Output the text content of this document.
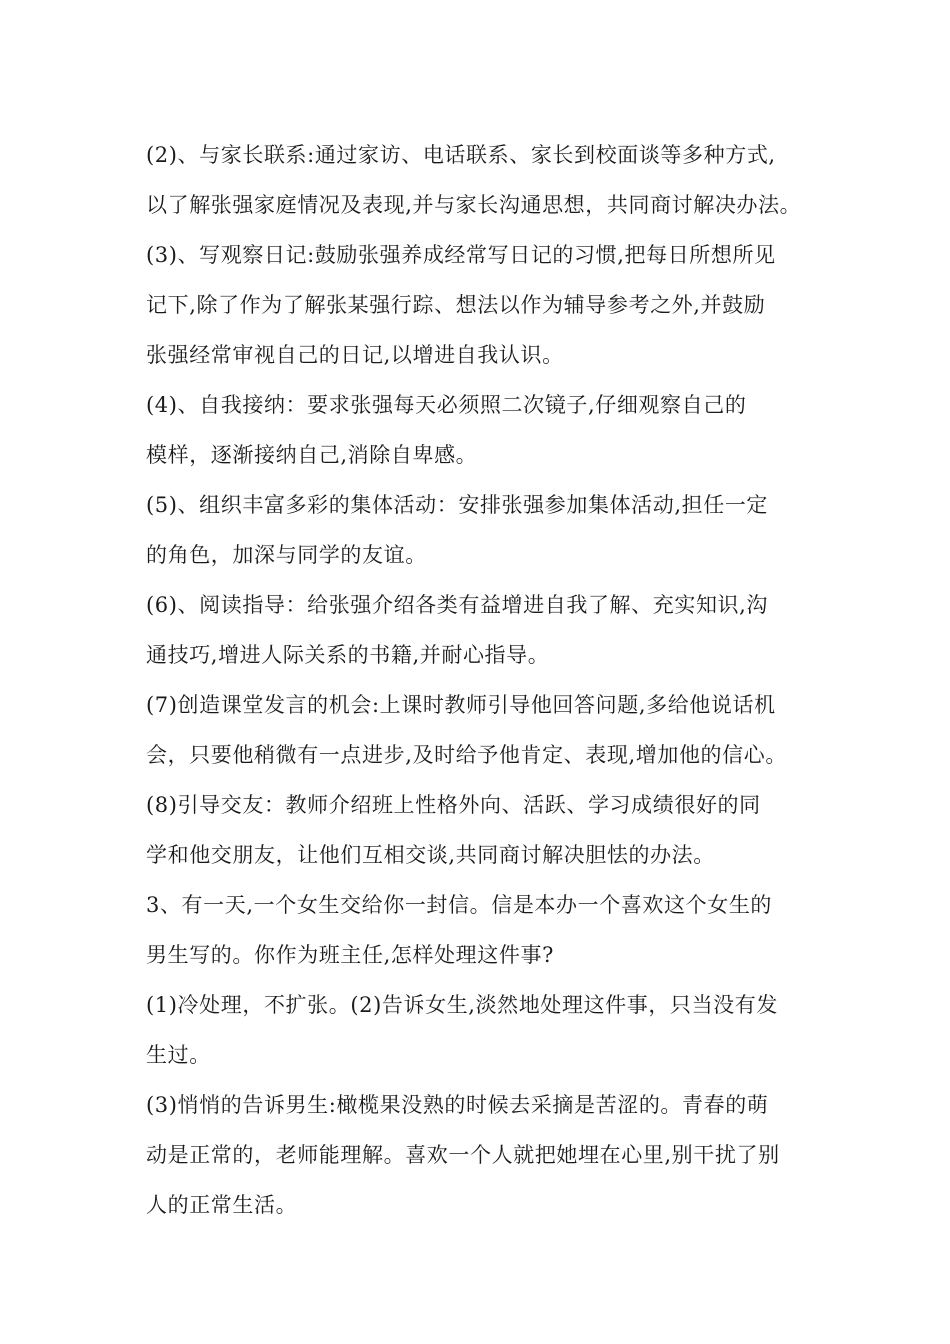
(2)、与家长联系:通过家访、电话联系、家长到校面谈等多种方式,
以了解张强家庭情况及表现,并与家长沟通思想，共同商讨解决办法。
(3)、写观察日记:鼓励张强养成经常写日记的习惯,把每日所想所见
记下,除了作为了解张某强行踪、想法以作为辅导参考之外,并鼓励
张强经常审视自己的日记,以增进自我认识。
(4)、自我接纳：要求张强每天必须照二次镜子,仔细观察自己的
模样，逐渐接纳自己,消除自卑感。
(5)、组织丰富多彩的集体活动：安排张强参加集体活动,担任一定
的角色，加深与同学的友谊。
(6)、阅读指导：给张强介绍各类有益增进自我了解、充实知识,沟
通技巧,增进人际关系的书籍,并耐心指导。
(7)创造课堂发言的机会:上课时教师引导他回答问题,多给他说话机
会，只要他稍微有一点进步,及时给予他肯定、表现,增加他的信心。
(8)引导交友：教师介绍班上性格外向、活跃、学习成绩很好的同
学和他交朋友，让他们互相交谈,共同商讨解决胆怯的办法。
3、有一天,一个女生交给你一封信。信是本办一个喜欢这个女生的
男生写的。你作为班主任,怎样处理这件事?
(1)冷处理，不扩张。(2)告诉女生,淡然地处理这件事，只当没有发
生过。
(3)悄悄的告诉男生:橄榄果没熟的时候去采摘是苦涩的。青春的萌
动是正常的，老师能理解。喜欢一个人就把她埋在心里,别干扰了别
人的正常生活。
